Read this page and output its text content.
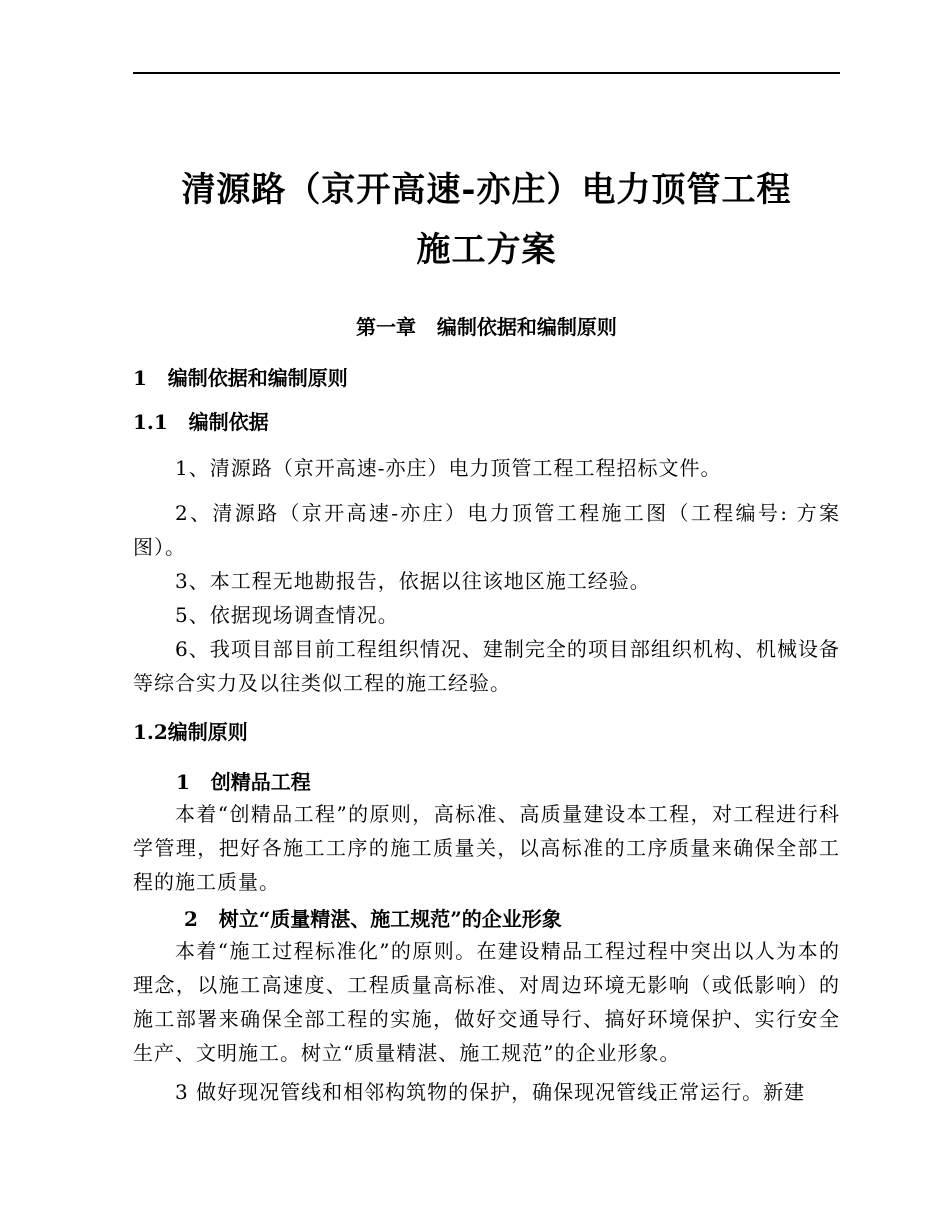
清源路（京开高速-亦庄）电力顶管工程
施工方案
第一章   编制依据和编制原则
1   编制依据和编制原则
1.1   编制依据
1、清源路（京开高速-亦庄）电力顶管工程工程招标文件。
2、清源路（京开高速-亦庄）电力顶管工程施工图（工程编号: 方案图）。
3、本工程无地勘报告，依据以往该地区施工经验。
5、依据现场调查情况。
6、我项目部目前工程组织情况、建制完全的项目部组织机构、机械设备等综合实力及以往类似工程的施工经验。
1.2编制原则
1   创精品工程
本着“创精品工程”的原则，高标准、高质量建设本工程，对工程进行科学管理，把好各施工工序的施工质量关，以高标准的工序质量来确保全部工程的施工质量。
2   树立“质量精湛、施工规范”的企业形象
本着“施工过程标准化”的原则。在建设精品工程过程中突出以人为本的理念，以施工高速度、工程质量高标准、对周边环境无影响（或低影响）的施工部署来确保全部工程的实施，做好交通导行、搞好环境保护、实行安全生产、文明施工。树立“质量精湛、施工规范”的企业形象。
3 做好现况管线和相邻构筑物的保护，确保现况管线正常运行。新建
